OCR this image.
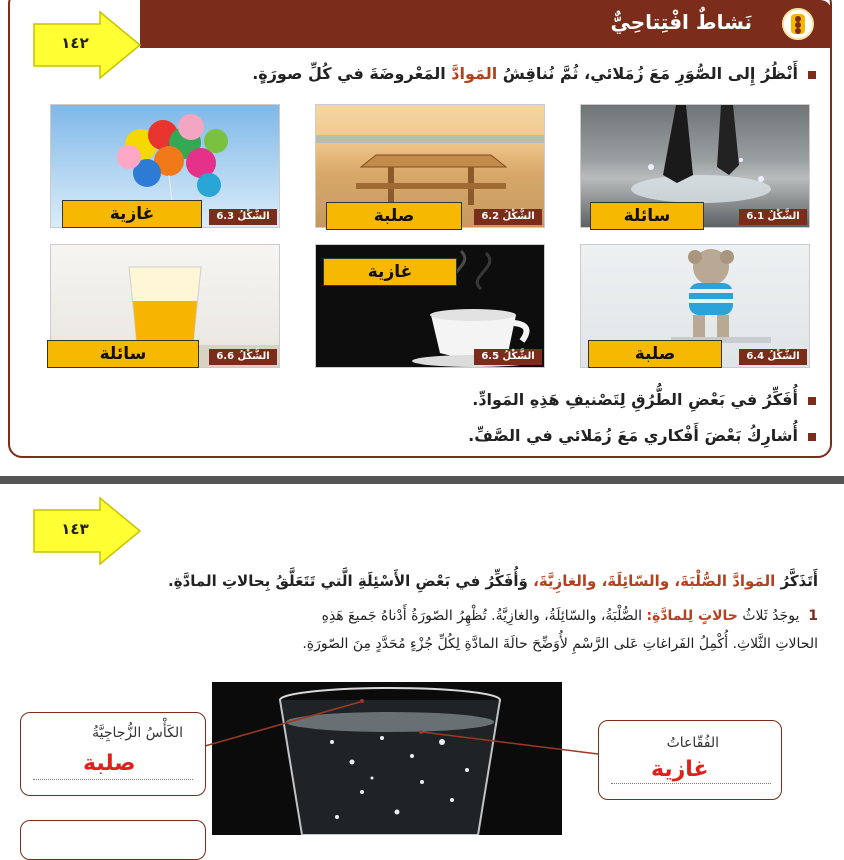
نَشاطٌ افْتِتاحِيٌّ
١٤٢
أَنْظُرُ إِلى الصُّوَرِ مَعَ زُمَلائي، ثُمَّ نُناقِشُ المَوادَّ المَعْروضَةَ في كُلِّ صورَةٍ.
الشَّكْلُ 6.1
الشَّكْلُ 6.2
الشَّكْلُ 6.3	سائلة
صلبة
غازية
الشَّكْلُ 6.4
الشَّكْلُ 6.5
الشَّكْلُ 6.6	صلبة
غازية
سائلة
أُفَكِّرُ في بَعْضِ الطُّرُقِ لِتَصْنيفِ هَذِهِ المَوادِّ.
أُشارِكُ بَعْضَ أَفْكاري مَعَ زُمَلائي في الصَّفِّ.
١٤٣
أَتَذَكَّرُ المَوادَّ الصُّلْبَةَ، والسّائِلَةَ، والغازِيَّةَ، وَأُفَكِّرُ في بَعْضِ الأَسْئِلَةِ الَّتي تَتَعَلَّقُ بِحالاتِ المادَّةِ.
1  يوجَدُ ثَلاثُ حالاتٍ لِلمادَّةِ: الصُّلْبَةُ، والسّائِلَةُ، والغازِيَّةُ. تُظْهِرُ الصّورَةُ أَدْناهُ جَميعَ هَذِهِ
الحالاتِ الثَّلاثِ. أُكْمِلُ الفَراغاتِ عَلى الرَّسْمِ لأُوَضِّحَ حالَةَ المادَّةِ لِكُلِّ جُزْءٍ مُحَدَّدٍ مِنَ الصّورَةِ.
الكَأْسُ الزُّجاجِيَّةُ
صلبة
الفُقّاعاتُ
غازية
